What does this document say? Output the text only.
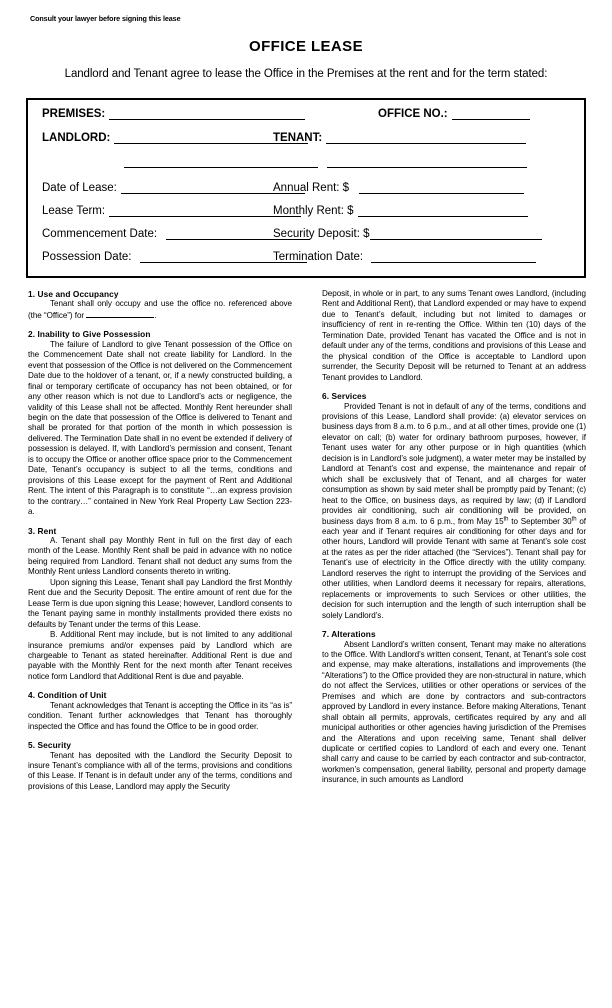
Consult your lawyer before signing this lease
OFFICE LEASE
Landlord and Tenant agree to lease the Office in the Premises at the rent and for the term stated:
PREMISES:	OFFICE NO.:
LANDLORD:	TENANT:
Date of Lease:	Annual Rent: $
Lease Term:	Monthly Rent: $
Commencement Date:	Security Deposit: $
Possession Date:	Termination Date:
1. Use and Occupancy

Tenant shall only occupy and use the office no. referenced above (the “Office”) for	.

2. Inability to Give Possession

The failure of Landlord to give Tenant possession of the Office on the Commencement Date shall not create liability for Landlord. In the event that possession of the Office is not delivered on the Commencement Date due to the holdover of a tenant, or, if a newly constructed building, a final or temporary certificate of occupancy has not been obtained, or for any other reason which is not due to Landlord’s acts or negligence, the validity of this Lease shall not be affected. Monthly Rent hereunder shall begin on the date that possession of the Office is delivered to Tenant and shall be prorated for that portion of the month in which possession is delivered. The Termination Date shall in no event be extended if delivery of possession is delayed. If, with Landlord’s permission and consent, Tenant is to occupy the Office or another office space prior to the Commencement Date, Tenant’s occupancy is subject to all the terms, conditions and provisions of this Lease except for the payment of Rent and Additional Rent. The intent of this Paragraph is to constitute “…an express provision to the contrary…” contained in New York Real Property Law Section 223-a.

3. Rent

A. Tenant shall pay Monthly Rent in full on the first day of each month of the Lease. Monthly Rent shall be paid in advance with no notice being required from Landlord. Tenant shall not deduct any sums from the Monthly Rent unless Landlord consents thereto in writing.

Upon signing this Lease, Tenant shall pay Landlord the first Monthly Rent due and the Security Deposit. The entire amount of rent due for the Lease Term is due upon signing this Lease; however, Landlord consents to the Tenant paying same in monthly installments provided there exists no defaults by Tenant under the terms of this Lease.

B. Additional Rent may include, but is not limited to any additional insurance premiums and/or expenses paid by Landlord which are chargeable to Tenant as stated hereinafter. Additional Rent is due and payable with the Monthly Rent for the next month after Tenant receives notice form Landlord that Additional Rent is due and payable.

4. Condition of Unit

Tenant acknowledges that Tenant is accepting the Office in its “as is” condition. Tenant further acknowledges that Tenant has thoroughly inspected the Office and has found the Office to be in good order.

5. Security

Tenant has deposited with the Landlord the Security Deposit to insure Tenant’s compliance with all of the terms, provisions and conditions of this Lease. If Tenant is in default under any of the terms, conditions and provisions of this Lease, Landlord may apply the Security

Deposit, in whole or in part, to any sums Tenant owes Landlord, (including Rent and Additional Rent), that Landlord expended or may have to expend due to Tenant’s default, including but not limited to damages or insufficiency of rent in re-renting the Office. Within ten (10) days of the Termination Date, provided Tenant has vacated the Office and is not in default under any of the terms, conditions and provisions of this Lease and the physical condition of the Office is acceptable to Landlord upon surrender, the Security Deposit will be returned to Tenant at an address Tenant provides to Landlord.

6. Services

Provided Tenant is not in default of any of the terms, conditions and provisions of this Lease, Landlord shall provide: (a) elevator services on business days from 8 a.m. to 6 p.m., and at all other times, provide one (1) elevator on call; (b) water for ordinary bathroom purposes, however, if Tenant uses water for any other purpose or in high quantities (which decision is in Landlord’s sole judgment), a water meter may be installed by Landlord at Tenant’s cost and expense, the maintenance and repair of which shall be exclusively that of Tenant, and all charges for water consumption as shown by said meter shall be promptly paid by Tenant; (c) heat to the Office, on business days, as required by law; (d) if Landlord provides air conditioning, such air conditioning will be provided, on business days from 8 a.m. to 6 p.m., from May 15th to September 30th of each year and if Tenant requires air conditioning for other days and for other hours, Landlord will provide Tenant with same at Tenant’s sole cost at the rates as per the rider attached (the “Services”). Tenant shall pay for Tenant’s use of electricity in the Office directly with the utility company. Landlord reserves the right to interrupt the providing of the Services and other utilities, when Landlord deems it necessary for repairs, alterations, replacements or improvements to such Services or other utilities, the decision for such interruption and the length of such interruption shall be solely Landlord’s.

7. Alterations

Absent Landlord’s written consent, Tenant may make no alterations to the Office. With Landlord’s written consent, Tenant, at Tenant’s sole cost and expense, may make alterations, installations and improvements (the “Alterations”) to the Office provided they are non-structural in nature, which do not affect the Services, utilities or other operations or services of the Premises and which are done by contractors and sub-contractors approved by Landlord in every instance. Before making Alterations, Tenant shall obtain all permits, approvals, certificates required by any and all municipal authorities or other agencies having jurisdiction of the Premises and the Alterations and upon receiving same, Tenant shall deliver duplicate or certified copies to Landlord of each and every one. Tenant shall carry and cause to be carried by each contractor and sub-contractor, workmen’s compensation, general liability, personal and property damage insurance, in such amounts as Landlord
